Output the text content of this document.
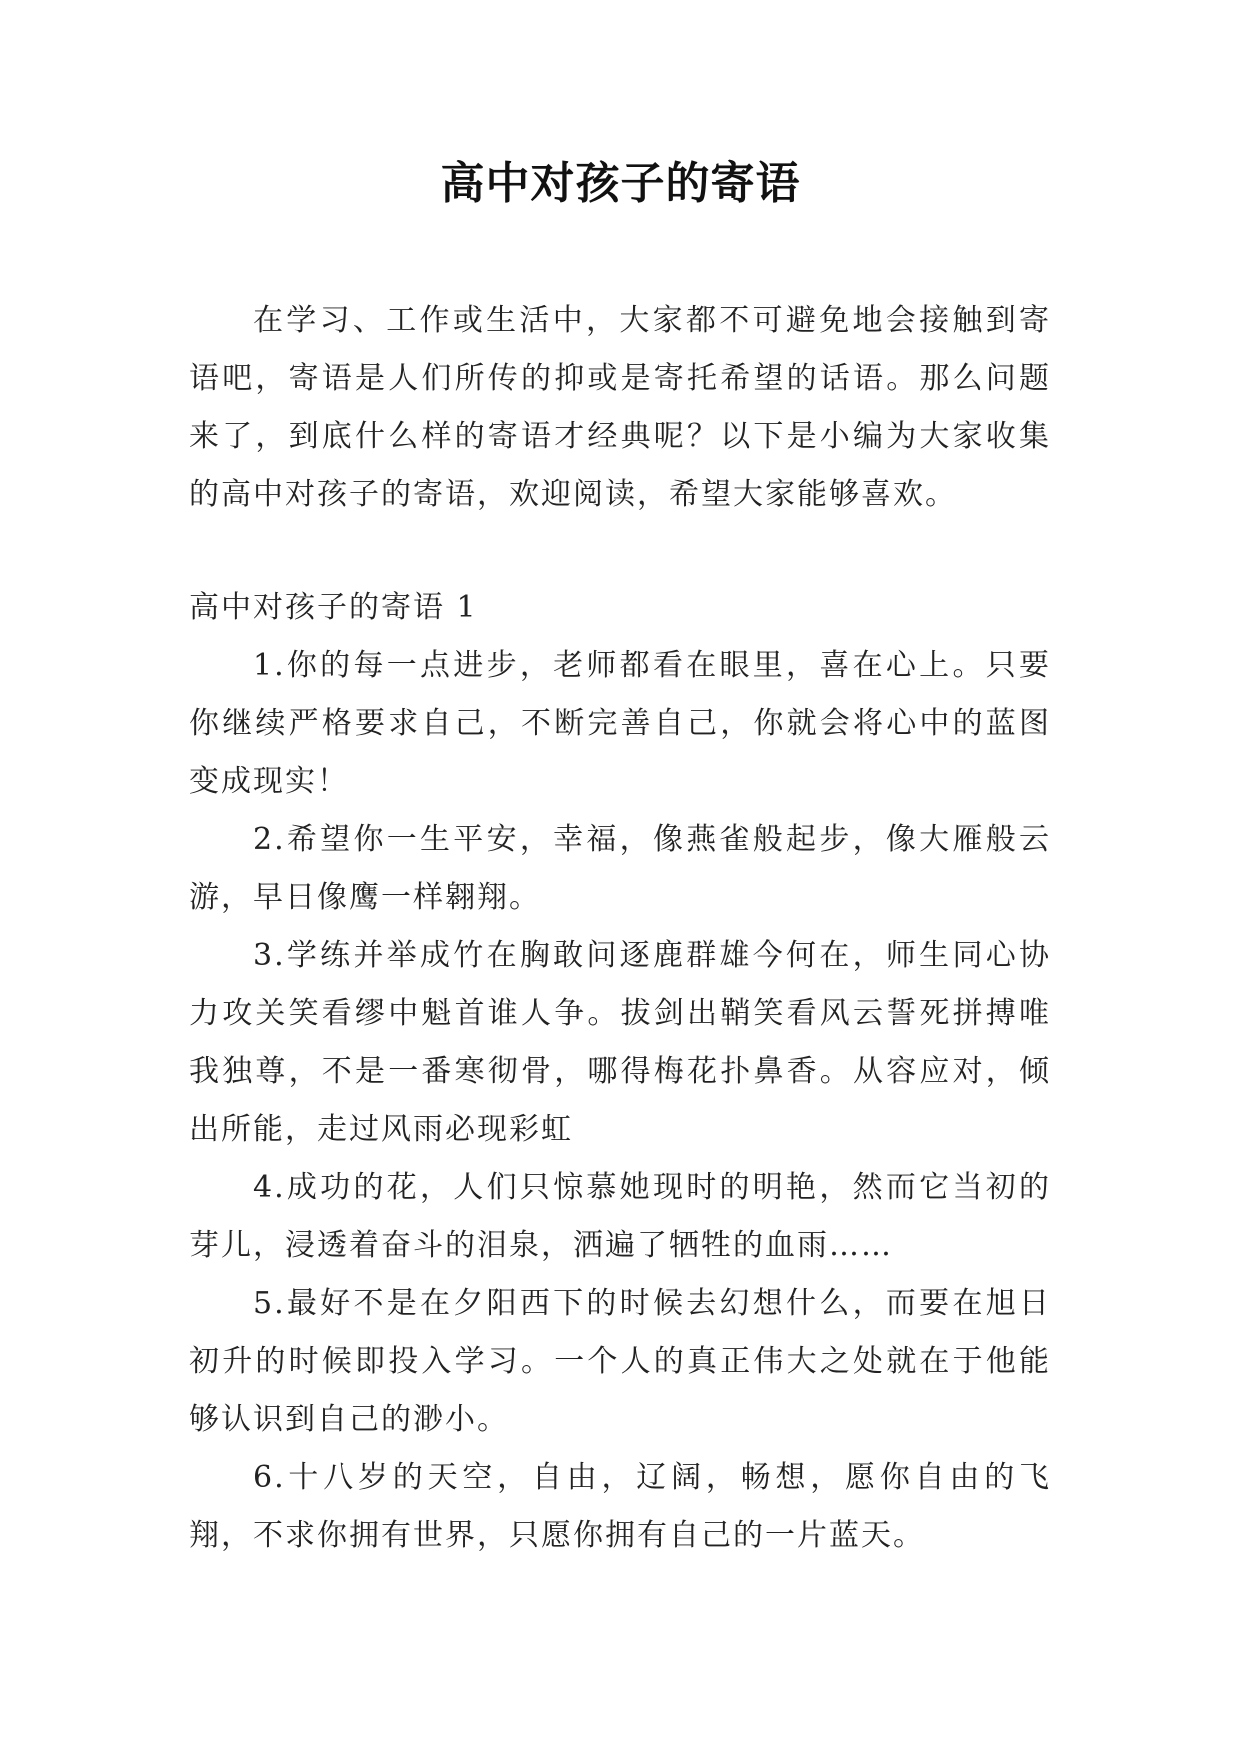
高中对孩子的寄语

在学习、工作或生活中，大家都不可避免地会接触到寄语吧，寄语是人们所传的抑或是寄托希望的话语。那么问题来了，到底什么样的寄语才经典呢？以下是小编为大家收集的高中对孩子的寄语，欢迎阅读，希望大家能够喜欢。

高中对孩子的寄语 1

1.你的每一点进步，老师都看在眼里，喜在心上。只要你继续严格要求自己，不断完善自己，你就会将心中的蓝图变成现实！

2.希望你一生平安，幸福，像燕雀般起步，像大雁般云游，早日像鹰一样翱翔。

3.学练并举成竹在胸敢问逐鹿群雄今何在，师生同心协力攻关笑看缪中魁首谁人争。拔剑出鞘笑看风云誓死拼搏唯我独尊，不是一番寒彻骨，哪得梅花扑鼻香。从容应对，倾出所能，走过风雨必现彩虹

4.成功的花，人们只惊慕她现时的明艳，然而它当初的芽儿，浸透着奋斗的泪泉，洒遍了牺牲的血雨……

5.最好不是在夕阳西下的时候去幻想什么，而要在旭日初升的时候即投入学习。一个人的真正伟大之处就在于他能够认识到自己的渺小。

6.十八岁的天空，自由，辽阔，畅想，愿你自由的飞翔，不求你拥有世界，只愿你拥有自己的一片蓝天。
